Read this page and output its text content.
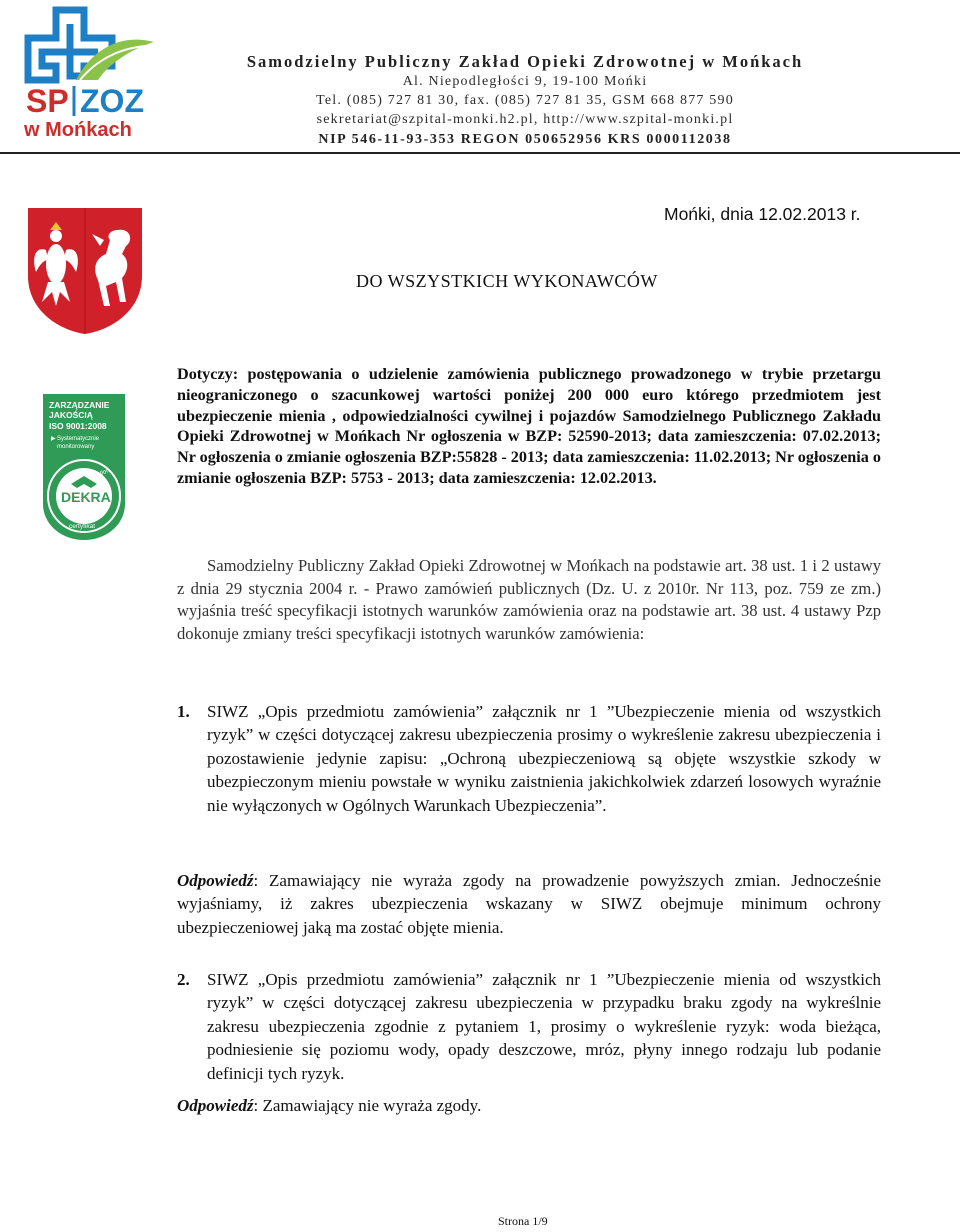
SP ZOZ
w Mońkach
Samodzielny Publiczny Zakład Opieki Zdrowotnej w Mońkach
Al. Niepodległości 9, 19-100 Mońki
Tel. (085) 727 81 30, fax. (085) 727 81 35, GSM 668 877 590
sekretariat@szpital-monki.h2.pl, http://www.szpital-monki.pl
NIP 546-11-93-353 REGON 050652956 KRS 0000112038
ZARZĄDZANIE
JAKOŚCIĄ
ISO 9001:2008
▶ Systematycznie
monitorowany
DEKRA Certification
DEKRA
certyfikat
Mońki, dnia 12.02.2013 r.
DO WSZYSTKICH WYKONAWCÓW
Dotyczy: postępowania o udzielenie zamówienia publicznego prowadzonego w trybie przetargu nieograniczonego o szacunkowej wartości poniżej 200 000 euro którego przedmiotem jest ubezpieczenie mienia , odpowiedzialności cywilnej i pojazdów Samodzielnego Publicznego Zakładu Opieki Zdrowotnej w Mońkach Nr ogłoszenia w BZP: 52590-2013; data zamieszczenia: 07.02.2013; Nr ogłoszenia o zmianie ogłoszenia BZP:55828 - 2013; data zamieszczenia: 11.02.2013; Nr ogłoszenia o zmianie ogłoszenia BZP: 5753 - 2013; data zamieszczenia: 12.02.2013.
Samodzielny Publiczny Zakład Opieki Zdrowotnej w Mońkach na podstawie art. 38 ust. 1 i 2 ustawy z dnia 29 stycznia 2004 r. - Prawo zamówień publicznych (Dz. U. z 2010r. Nr 113, poz. 759 ze zm.) wyjaśnia treść specyfikacji istotnych warunków zamówienia oraz na podstawie art. 38 ust. 4 ustawy Pzp dokonuje zmiany treści specyfikacji istotnych warunków zamówienia:
1. SIWZ „Opis przedmiotu zamówienia” załącznik nr 1 ”Ubezpieczenie mienia od wszystkich ryzyk” w części dotyczącej zakresu ubezpieczenia prosimy o wykreślenie zakresu ubezpieczenia i pozostawienie jedynie zapisu: „Ochroną ubezpieczeniową są objęte wszystkie szkody w ubezpieczonym mieniu powstałe w wyniku zaistnienia jakichkolwiek zdarzeń losowych wyraźnie nie wyłączonych w Ogólnych Warunkach Ubezpieczenia”.
Odpowiedź: Zamawiający nie wyraża zgody na prowadzenie powyższych zmian. Jednocześnie wyjaśniamy, iż zakres ubezpieczenia wskazany w SIWZ obejmuje minimum ochrony ubezpieczeniowej jaką ma zostać objęte mienia.
2. SIWZ „Opis przedmiotu zamówienia” załącznik nr 1 ”Ubezpieczenie mienia od wszystkich ryzyk” w części dotyczącej zakresu ubezpieczenia w przypadku braku zgody na wykreślnie zakresu ubezpieczenia zgodnie z pytaniem 1, prosimy o wykreślenie ryzyk: woda bieżąca, podniesienie się poziomu wody, opady deszczowe, mróz, płyny innego rodzaju lub podanie definicji tych ryzyk.
Odpowiedź: Zamawiający nie wyraża zgody.
Strona 1/9
